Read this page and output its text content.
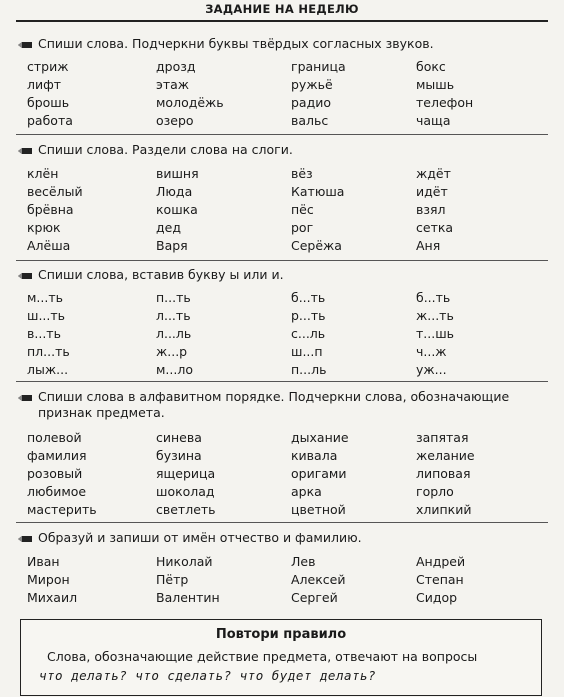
ЗАДАНИЕ НА НЕДЕЛЮ
Спиши слова. Подчеркни буквы твёрдых согласных звуков.
стриж	дрозд	граница	бокс
лифт	этаж	ружьё	мышь
брошь	молодёжь	радио	телефон
работа	озеро	вальс	чаща
Спиши слова. Раздели слова на слоги.
клён	вишня	вёз	ждёт
весёлый	Люда	Катюша	идёт
брёвна	кошка	пёс	взял
крюк	дед	рог	сетка
Алёша	Варя	Серёжа	Аня
Спиши слова, вставив букву ы или и.
м...ть	п...ть	б...ть	б...ть
ш...ть	л...ть	р...ть	ж...ть
в...ть	л...ль	с...ль	т...шь
пл...ть	ж...р	ш...п	ч...ж
лыж...	м...ло	п...ль	уж...
Спиши слова в алфавитном порядке. Подчеркни слова, обозначающие
признак предмета.
полевой	синева	дыхание	запятая
фамилия	бузина	кивала	желание
розовый	ящерица	оригами	липовая
любимое	шоколад	арка	горло
мастерить	светлеть	цветной	хлипкий
Образуй и запиши от имён отчество и фамилию.
Иван	Николай	Лев	Андрей
Мирон	Пётр	Алексей	Степан
Михаил	Валентин	Сергей	Сидор
Повтори правило
Слова, обозначающие действие предмета, отвечают на вопросы
что делать? что сделать? что будет делать?
